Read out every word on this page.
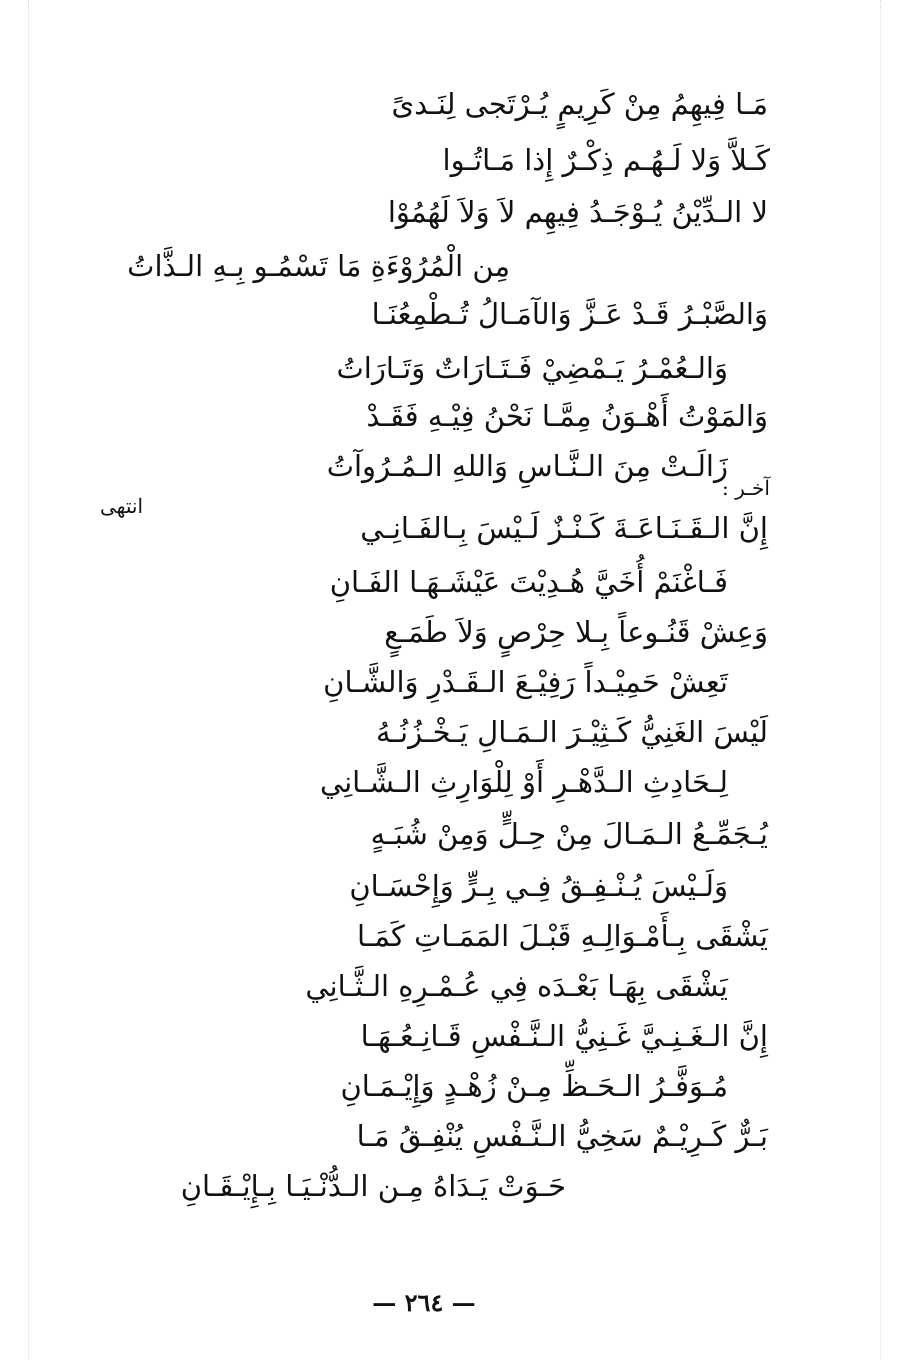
مَـا فِيهِمُ مِنْ كَرِيمٍ يُـرْتَجى لِنَـدىً
كَـلاَّ وَلا لَـهُـم ذِكْـرٌ إِذا مَـاتُـوا
لا الـدِّيْنُ يُـوْجَـدُ فِيهِم لاَ وَلاَ لَهُمُوْا
مِن الْمُرُوْءَةِ مَا تَسْمُـو بِـهِ الـذَّاتُ
وَالصَّبْـرُ قَـدْ عَـزَّ وَالآمَـالُ تُـطْمِعُنَـا
وَالـعُمْـرُ يَـمْضِيْ فَـتَـارَاتٌ وَتَـارَاتُ
وَالمَوْتُ أَهْـوَنُ مِمَّـا نَحْنُ فِيْـهِ فَقَـدْ
زَالَـتْ مِنَ الـنَّـاسِ وَاللهِ الـمُـرُوآتُ
آخـر :
انتهى
إِنَّ الـقَـنَـاعَـةَ كَـنْـزٌ لَـيْسَ بِـالفَـانِـي
فَـاغْنَمْ أُخَيَّ هُـدِيْتَ عَيْشَـهَـا الفَـانِ
وَعِشْ قَنُـوعاً بِـلا حِرْصٍ وَلاَ طَمَـعٍ
تَعِشْ حَمِيْـداً رَفِيْـعَ الـقَـدْرِ وَالشَّـانِ
لَيْسَ الغَنِيُّ كَـثِيْـرَ الـمَـالِ يَـخْـزُنُـهُ
لِـحَادِثِ الـدَّهْـرِ أَوْ لِلْوَارِثِ الـشَّـانِي
يُـجَمِّـعُ الـمَـالَ مِنْ حِـلٍّ وَمِنْ شُبَـهٍ
وَلَـيْسَ يُـنْـفِـقُ فِـي بِـرٍّ وَإِحْسَـانِ
يَشْقَى بِـأَمْـوَالِـهِ قَبْـلَ المَمَـاتِ كَمَـا
يَشْقَى بِهَـا بَعْـدَه فِي عُـمْـرِهِ الـثَّـانِي
إِنَّ الـغَـنِـيَّ غَـنِيُّ الـنَّـفْسِ قَـانِـعُـهَـا
مُـوَفَّـرُ الـحَـظِّ مِـنْ زُهْـدٍ وَإِيْـمَـانِ
بَـرٌّ كَـرِيْـمٌ سَخِيُّ الـنَّـفْسِ يُنْفِـقُ مَـا
حَـوَتْ يَـدَاهُ مِـن الـدُّنْـيَـا بِـإِيْـقَـانِ
— ٢٦٤ —
